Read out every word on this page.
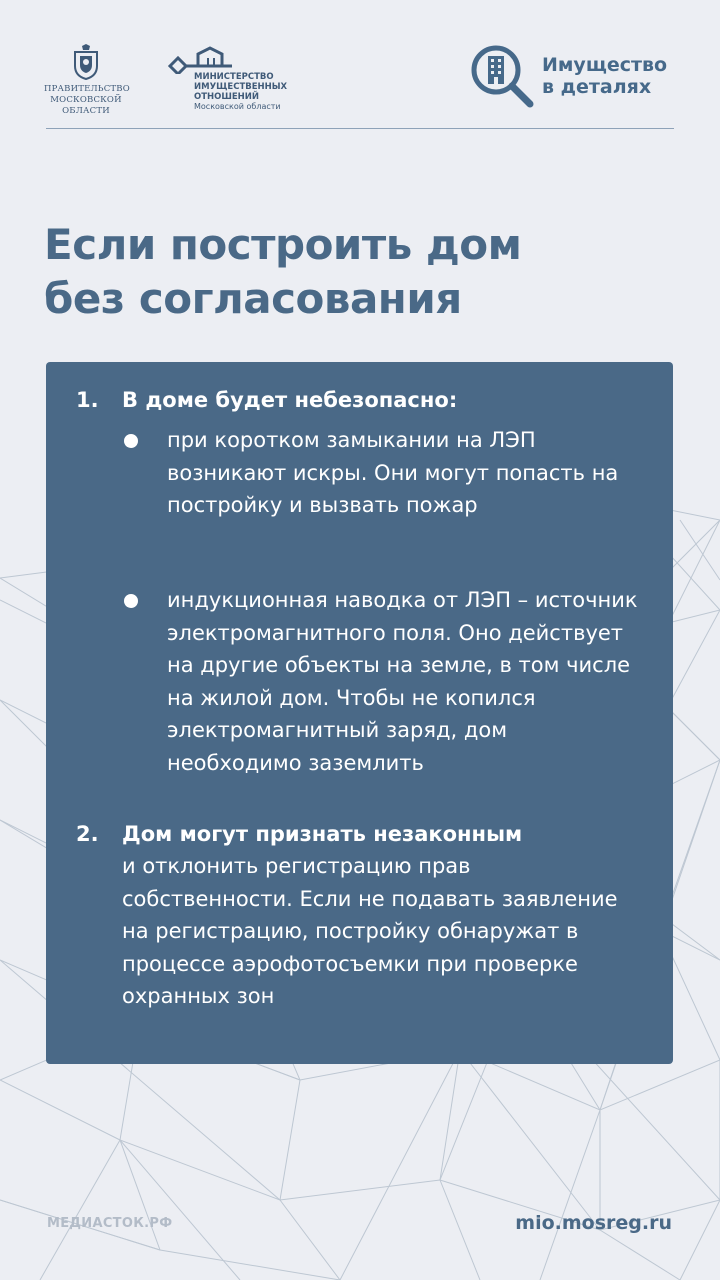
ПРАВИТЕЛЬСТВО
МОСКОВСКОЙ
ОБЛАСТИ
МИНИСТЕРСТВО
ИМУЩЕСТВЕННЫХ
ОТНОШЕНИЙ
Московской области
Имущество
в деталях
Если построить дом
без согласования
1. В доме будет небезопасно:
при коротком замыкании на ЛЭП возникают искры. Они могут попасть на постройку и вызвать пожар
индукционная наводка от ЛЭП – источник электромагнитного поля. Оно действует на другие объекты на земле, в том числе на жилой дом. Чтобы не копился электромагнитный заряд, дом необходимо заземлить
2. Дом могут признать незаконным
и отклонить регистрацию прав собственности. Если не подавать заявление на регистрацию, постройку обнаружат в процессе аэрофотосъемки при проверке охранных зон
МЕДИАСТОК.РФ	mio.mosreg.ru
